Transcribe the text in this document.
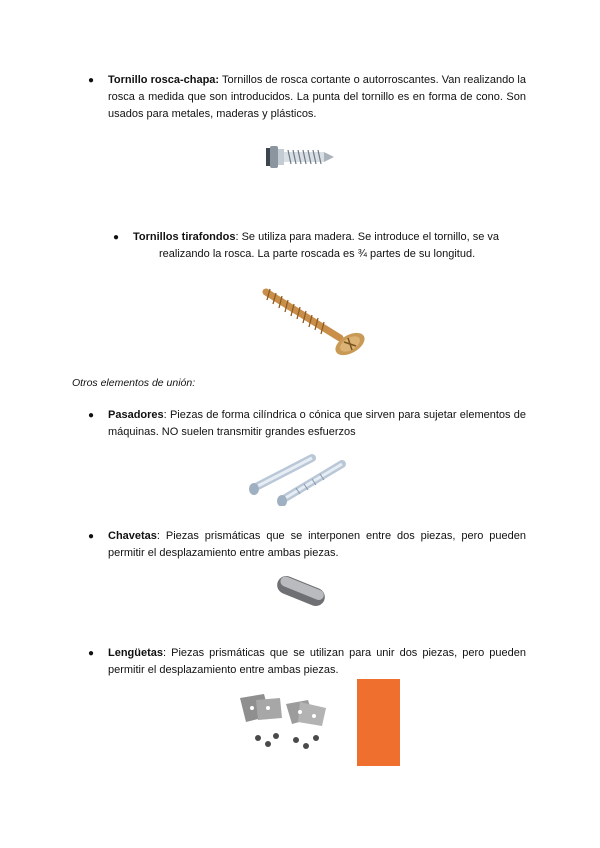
● Tornillo rosca-chapa: Tornillos de rosca cortante o autorroscantes. Van realizando la rosca a medida que son introducidos. La punta del tornillo es en forma de cono. Son usados para metales, maderas y plásticos.
● Tornillos tirafondos: Se utiliza para madera. Se introduce el tornillo, se va
realizando la rosca. La parte roscada es ¾ partes de su longitud.
Otros elementos de unión:
● Pasadores: Piezas de forma cilíndrica o cónica que sirven para sujetar elementos de máquinas. NO suelen transmitir grandes esfuerzos
● Chavetas: Piezas prismáticas que se interponen entre dos piezas, pero pueden permitir el desplazamiento entre ambas piezas.
● Lengüetas: Piezas prismáticas que se utilizan para unir dos piezas, pero pueden permitir el desplazamiento entre ambas piezas.
